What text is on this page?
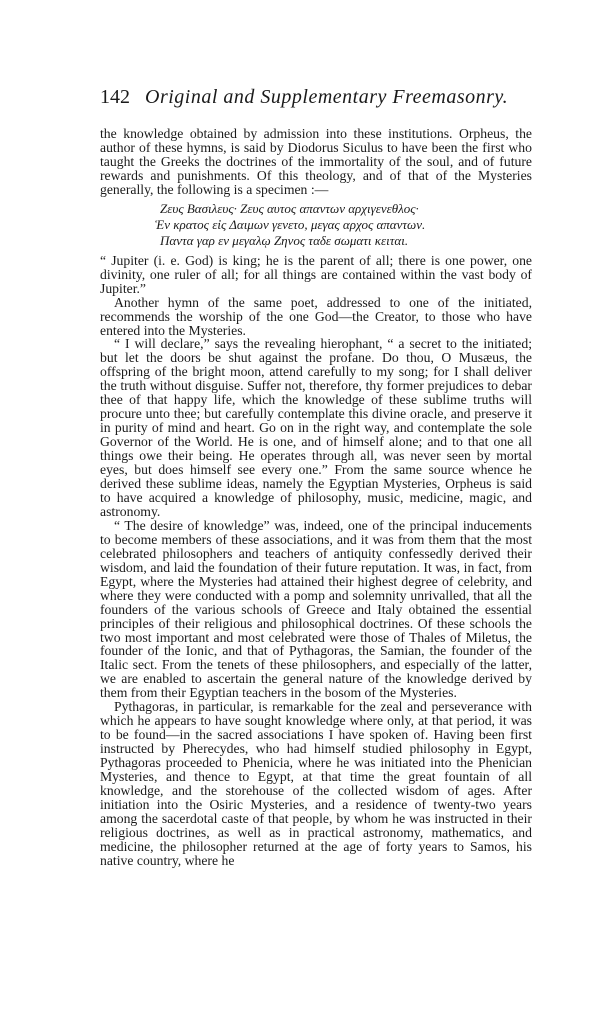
142 Original and Supplementary Freemasonry.

the knowledge obtained by admission into these institutions. Orpheus, the author of these hymns, is said by Diodorus Siculus to have been the first who taught the Greeks the doctrines of the immortality of the soul, and of future rewards and punishments. Of this theology, and of that of the Mysteries generally, the following is a specimen :—

Ζευς Βασιλευς· Ζευς αυτος απαντων αρχιγενεθλος·
Ἑν κρατος εἰς Δαιμων γενετο, μεγας αρχος απαντων.
Παντα γαρ εν μεγαλῳ Ζηνος ταδε σωματι κειται.

“ Jupiter (i. e. God) is king; he is the parent of all; there is one power, one divinity, one ruler of all; for all things are contained within the vast body of Jupiter.”

Another hymn of the same poet, addressed to one of the initiated, recommends the worship of the one God—the Creator, to those who have entered into the Mysteries.

“ I will declare,” says the revealing hierophant, “ a secret to the initiated; but let the doors be shut against the profane. Do thou, O Musæus, the offspring of the bright moon, attend carefully to my song; for I shall deliver the truth without disguise. Suffer not, therefore, thy former prejudices to debar thee of that happy life, which the knowledge of these sublime truths will procure unto thee; but carefully contemplate this divine oracle, and preserve it in purity of mind and heart. Go on in the right way, and contemplate the sole Governor of the World. He is one, and of himself alone; and to that one all things owe their being. He operates through all, was never seen by mortal eyes, but does himself see every one.” From the same source whence he derived these sublime ideas, namely the Egyptian Mysteries, Orpheus is said to have acquired a knowledge of philosophy, music, medicine, magic, and astronomy.

“ The desire of knowledge” was, indeed, one of the principal inducements to become members of these associations, and it was from them that the most celebrated philosophers and teachers of antiquity confessedly derived their wisdom, and laid the foundation of their future reputation. It was, in fact, from Egypt, where the Mysteries had attained their highest degree of celebrity, and where they were conducted with a pomp and solemnity unrivalled, that all the founders of the various schools of Greece and Italy obtained the essential principles of their religious and philosophical doctrines. Of these schools the two most important and most celebrated were those of Thales of Miletus, the founder of the Ionic, and that of Pythagoras, the Samian, the founder of the Italic sect. From the tenets of these philosophers, and especially of the latter, we are enabled to ascertain the general nature of the knowledge derived by them from their Egyptian teachers in the bosom of the Mysteries.

Pythagoras, in particular, is remarkable for the zeal and perseverance with which he appears to have sought knowledge where only, at that period, it was to be found—in the sacred associations I have spoken of. Having been first instructed by Pherecydes, who had himself studied philosophy in Egypt, Pythagoras proceeded to Phenicia, where he was initiated into the Phenician Mysteries, and thence to Egypt, at that time the great fountain of all knowledge, and the storehouse of the collected wisdom of ages. After initiation into the Osiric Mysteries, and a residence of twenty-two years among the sacerdotal caste of that people, by whom he was instructed in their religious doctrines, as well as in practical astronomy, mathematics, and medicine, the philosopher returned at the age of forty years to Samos, his native country, where he
